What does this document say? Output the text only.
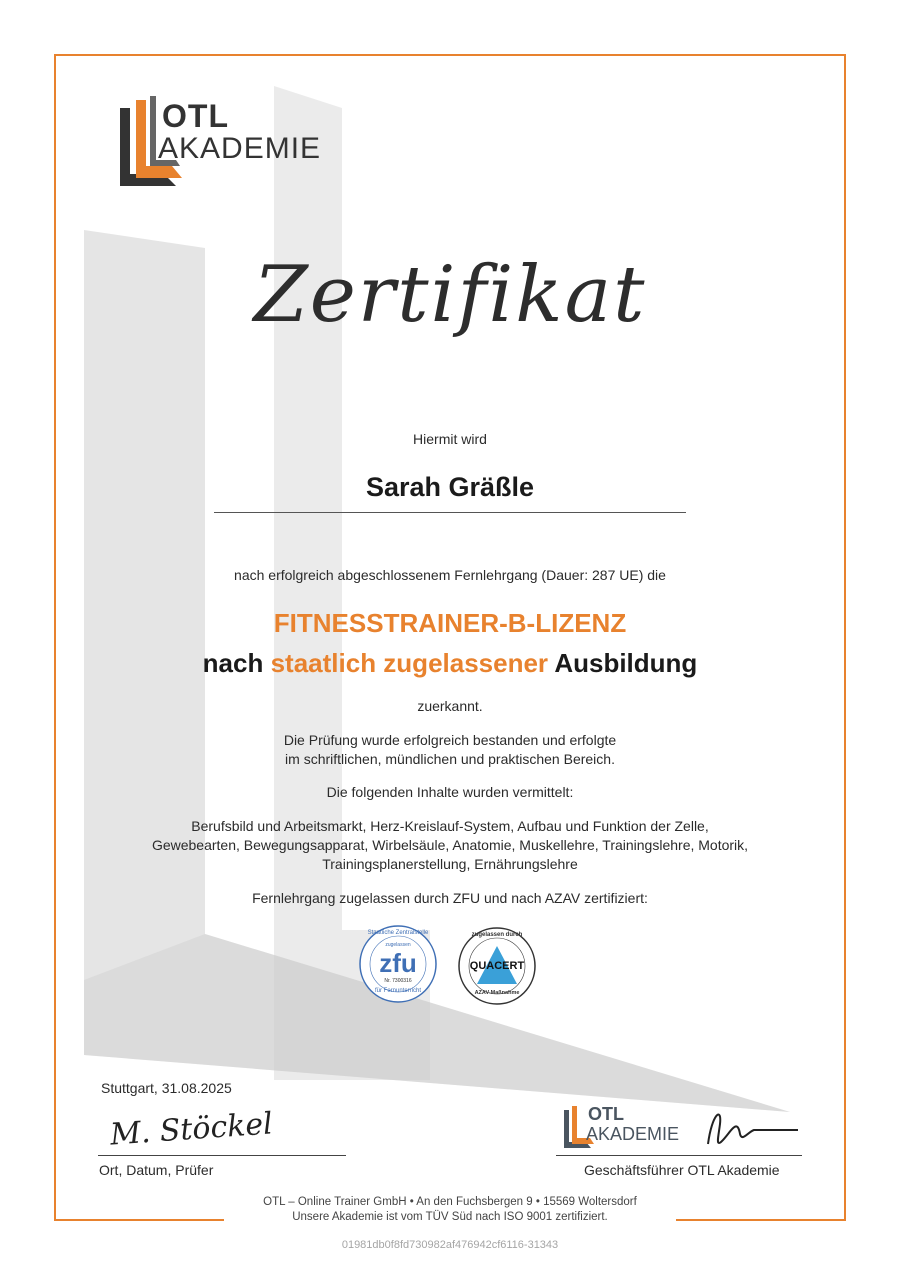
OTL
AKADEMIE
Zertifikat
Hiermit wird
Sarah Gräßle
nach erfolgreich abgeschlossenem Fernlehrgang (Dauer: 287 UE) die
FITNESSTRAINER-B-LIZENZ
nach staatlich zugelassener Ausbildung
zuerkannt.
Die Prüfung wurde erfolgreich bestanden und erfolgte
im schriftlichen, mündlichen und praktischen Bereich.
Die folgenden Inhalte wurden vermittelt:
Berufsbild und Arbeitsmarkt, Herz-Kreislauf-System, Aufbau und Funktion der Zelle,
Gewebearten, Bewegungsapparat, Wirbelsäule, Anatomie, Muskellehre, Trainingslehre, Motorik,
Trainingsplanerstellung, Ernährungslehre
Fernlehrgang zugelassen durch ZFU und nach AZAV zertifiziert:
Staatliche Zentralstelle
zugelassen
zfu
Nr. 7300316
für Fernunterricht
zugelassen durch
QUACERT
AZAV-Maßnahme
Stuttgart, 31.08.2025
M. Stöckel
Ort, Datum, Prüfer
OTL
AKADEMIE
Geschäftsführer OTL Akademie
OTL – Online Trainer GmbH • An den Fuchsbergen 9 • 15569 Woltersdorf
Unsere Akademie ist vom TÜV Süd nach ISO 9001 zertifiziert.
01981db0f8fd730982af476942cf6116-31343
